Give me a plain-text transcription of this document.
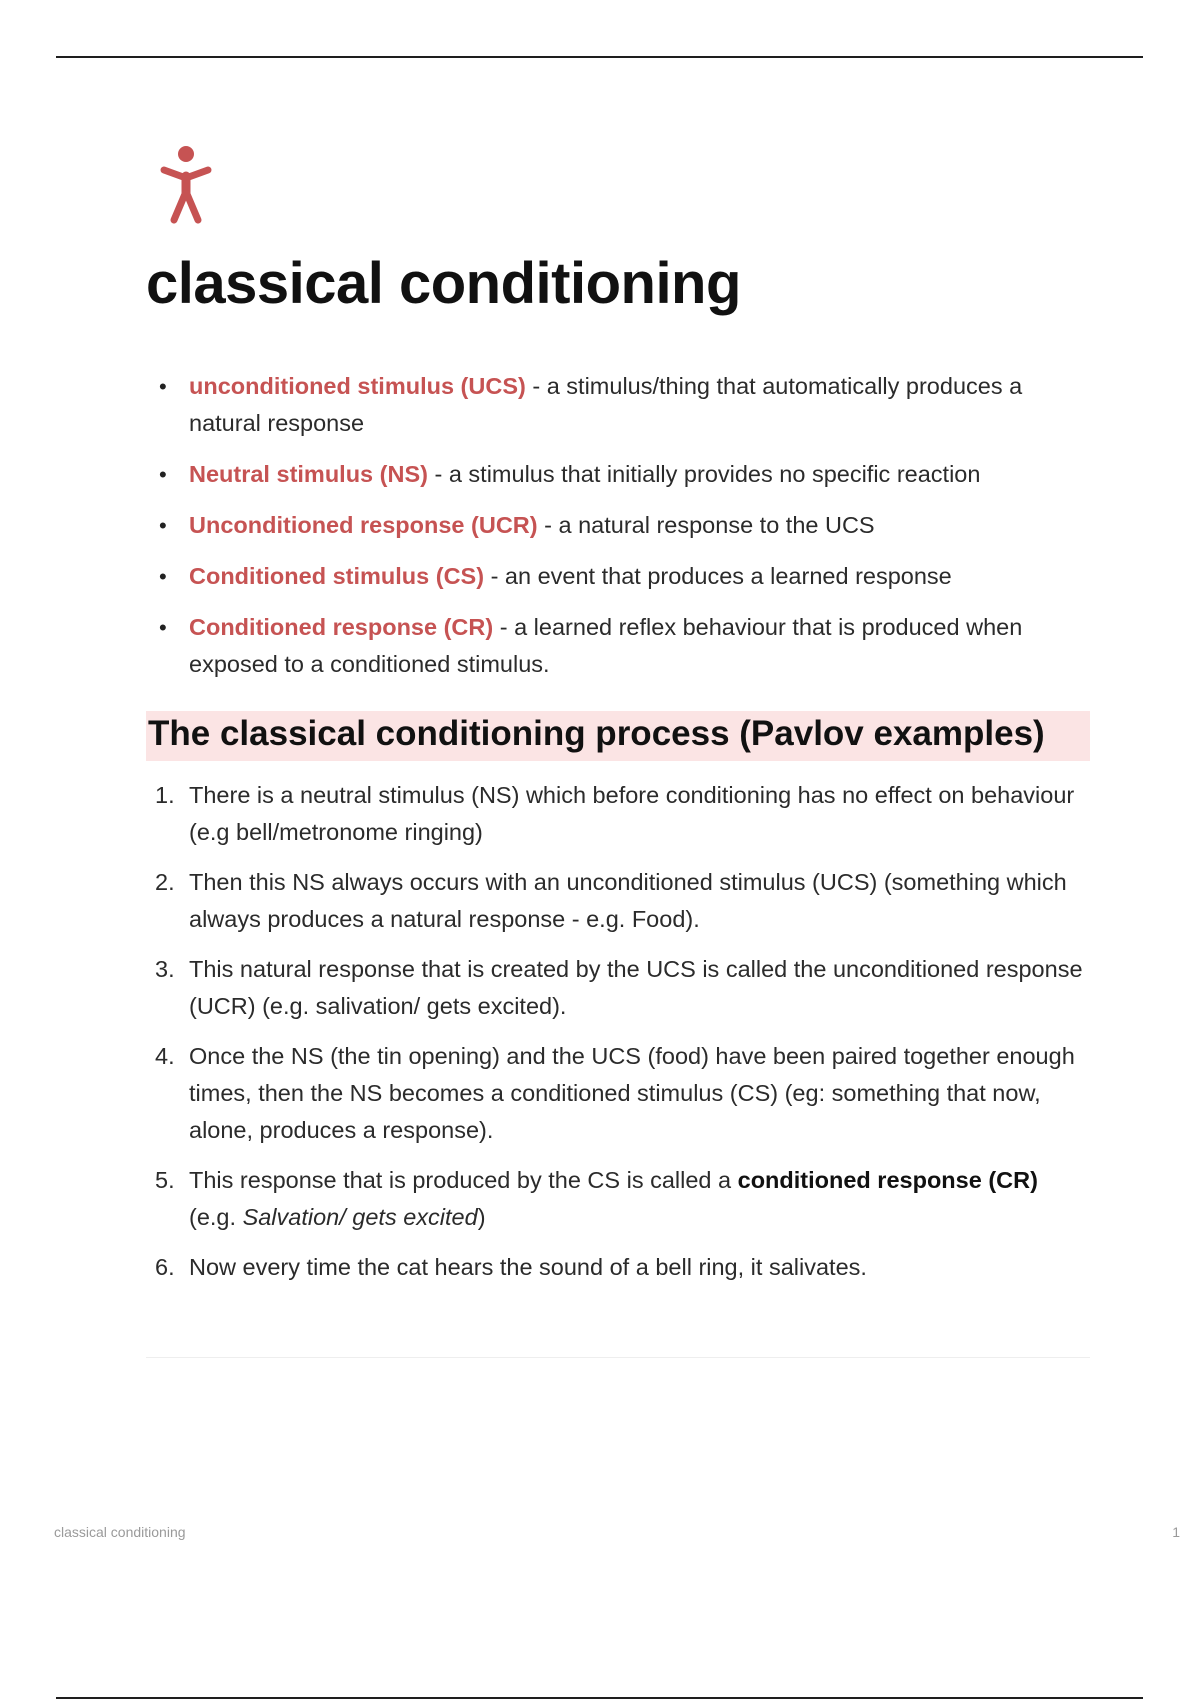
classical conditioning
• unconditioned stimulus (UCS) - a stimulus/thing that automatically produces a natural response
• Neutral stimulus (NS) - a stimulus that initially provides no specific reaction
• Unconditioned response (UCR) - a natural response to the UCS
• Conditioned stimulus (CS) - an event that produces a learned response
• Conditioned response (CR) - a learned reflex behaviour that is produced when exposed to a conditioned stimulus.
The classical conditioning process (Pavlov examples)
1. There is a neutral stimulus (NS) which before conditioning has no effect on behaviour (e.g bell/metronome ringing)
2. Then this NS always occurs with an unconditioned stimulus (UCS) (something which always produces a natural response - e.g. Food).
3. This natural response that is created by the UCS is called the unconditioned response (UCR) (e.g. salivation/ gets excited).
4. Once the NS (the tin opening) and the UCS (food) have been paired together enough times, then the NS becomes a conditioned stimulus (CS) (eg: something that now, alone, produces a response).
5. This response that is produced by the CS is called a conditioned response (CR) (e.g. Salvation/ gets excited)
6. Now every time the cat hears the sound of a bell ring, it salivates.
classical conditioning	1
